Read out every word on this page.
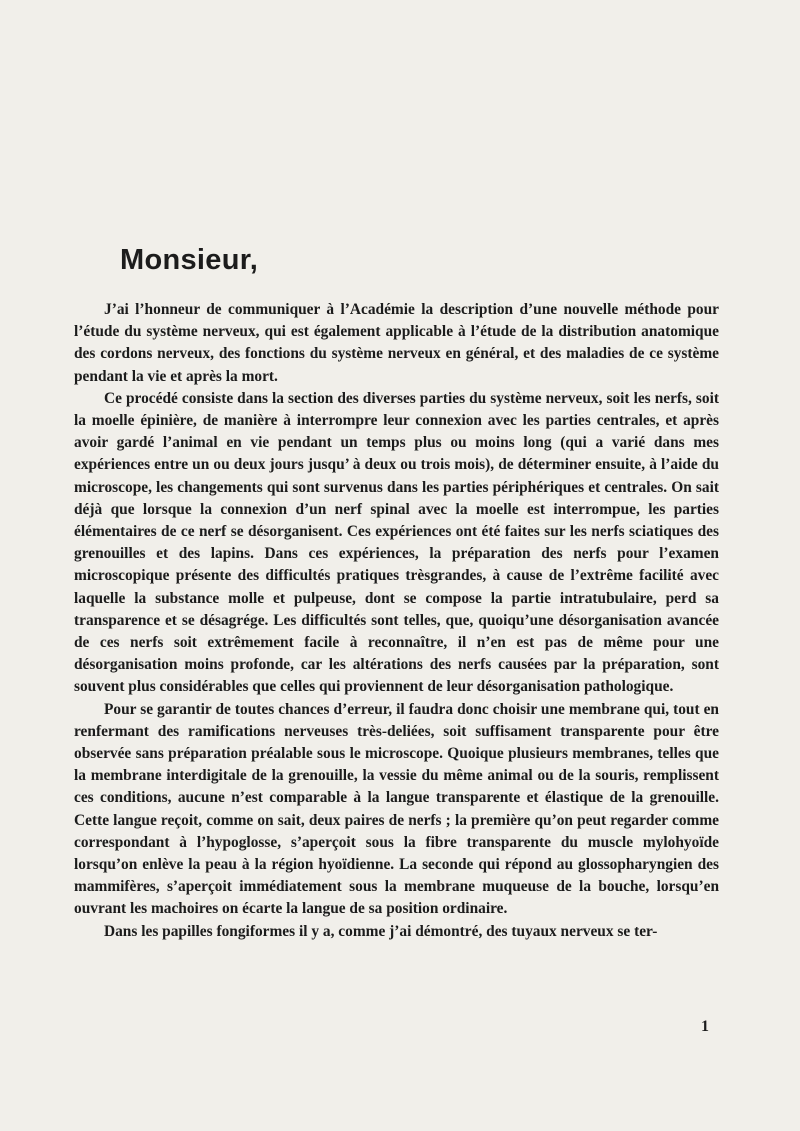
Monsieur,

J’ai l’honneur de communiquer à l’Académie la description d’une nouvelle méthode pour l’étude du système nerveux, qui est également applicable à l’étude de la distribution anatomique des cordons nerveux, des fonctions du système nerveux en général, et des maladies de ce système pendant la vie et après la mort.

Ce procédé consiste dans la section des diverses parties du système nerveux, soit les nerfs, soit la moelle épinière, de manière à interrompre leur connexion avec les parties centrales, et après avoir gardé l’animal en vie pendant un temps plus ou moins long (qui a varié dans mes expériences entre un ou deux jours jusqu’ à deux ou trois mois), de déterminer ensuite, à l’aide du microscope, les changements qui sont survenus dans les parties périphériques et centrales. On sait déjà que lorsque la connexion d’un nerf spinal avec la moelle est interrompue, les parties élémentaires de ce nerf se désorganisent. Ces expériences ont été faites sur les nerfs sciatiques des grenouilles et des lapins. Dans ces expériences, la préparation des nerfs pour l’examen microscopique présente des difficultés pratiques trèsgrandes, à cause de l’extrême facilité avec laquelle la substance molle et pulpeuse, dont se compose la partie intratubulaire, perd sa transparence et se désagrége. Les difficultés sont telles, que, quoiqu’une désorganisation avancée de ces nerfs soit extrêmement facile à reconnaître, il n’en est pas de même pour une désorganisation moins profonde, car les altérations des nerfs causées par la préparation, sont souvent plus considérables que celles qui proviennent de leur désorganisation pathologique.

Pour se garantir de toutes chances d’erreur, il faudra donc choisir une membrane qui, tout en renfermant des ramifications nerveuses très-deliées, soit suffisament transparente pour être observée sans préparation préalable sous le microscope. Quoique plusieurs membranes, telles que la membrane interdigitale de la grenouille, la vessie du même animal ou de la souris, remplissent ces conditions, aucune n’est comparable à la langue transparente et élastique de la grenouille. Cette langue reçoit, comme on sait, deux paires de nerfs ; la première qu’on peut regarder comme correspondant à l’hypoglosse, s’aperçoit sous la fibre transparente du muscle mylohyoïde lorsqu’on enlève la peau à la région hyoïdienne. La seconde qui répond au glossopharyngien des mammifères, s’aperçoit immédiatement sous la membrane muqueuse de la bouche, lorsqu’en ouvrant les machoires on écarte la langue de sa position ordinaire.

Dans les papilles fongiformes il y a, comme j’ai démontré, des tuyaux nerveux se ter-

1
